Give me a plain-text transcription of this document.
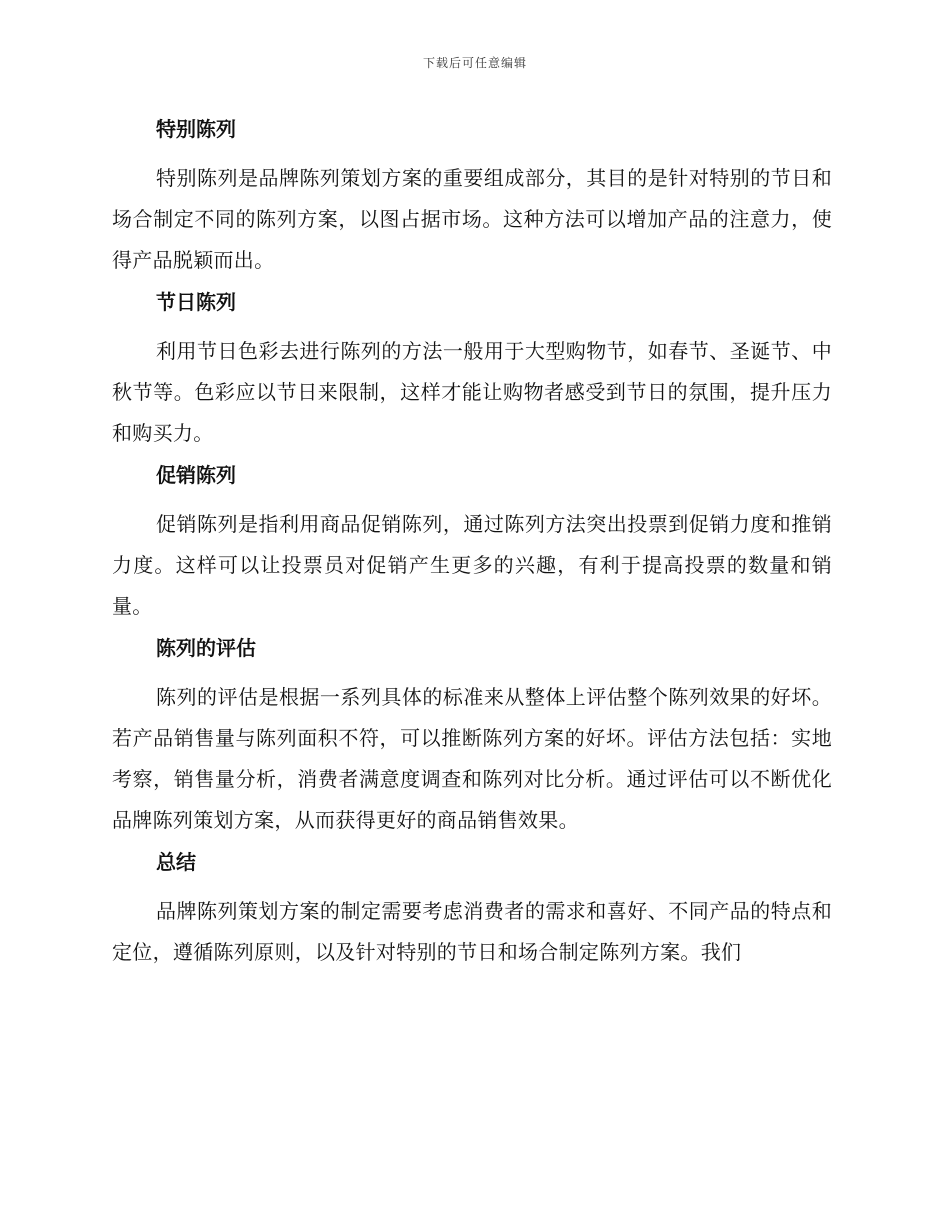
下载后可任意编辑
特别陈列

特别陈列是品牌陈列策划方案的重要组成部分，其目的是针对特别的节日和场合制定不同的陈列方案，以图占据市场。这种方法可以增加产品的注意力，使得产品脱颖而出。

节日陈列

利用节日色彩去进行陈列的方法一般用于大型购物节，如春节、圣诞节、中秋节等。色彩应以节日来限制，这样才能让购物者感受到节日的氛围，提升压力和购买力。

促销陈列

促销陈列是指利用商品促销陈列，通过陈列方法突出投票到促销力度和推销力度。这样可以让投票员对促销产生更多的兴趣，有利于提高投票的数量和销量。

陈列的评估

陈列的评估是根据一系列具体的标准来从整体上评估整个陈列效果的好坏。若产品销售量与陈列面积不符，可以推断陈列方案的好坏。评估方法包括：实地考察，销售量分析，消费者满意度调查和陈列对比分析。通过评估可以不断优化品牌陈列策划方案，从而获得更好的商品销售效果。

总结

品牌陈列策划方案的制定需要考虑消费者的需求和喜好、不同产品的特点和定位，遵循陈列原则，以及针对特别的节日和场合制定陈列方案。我们
